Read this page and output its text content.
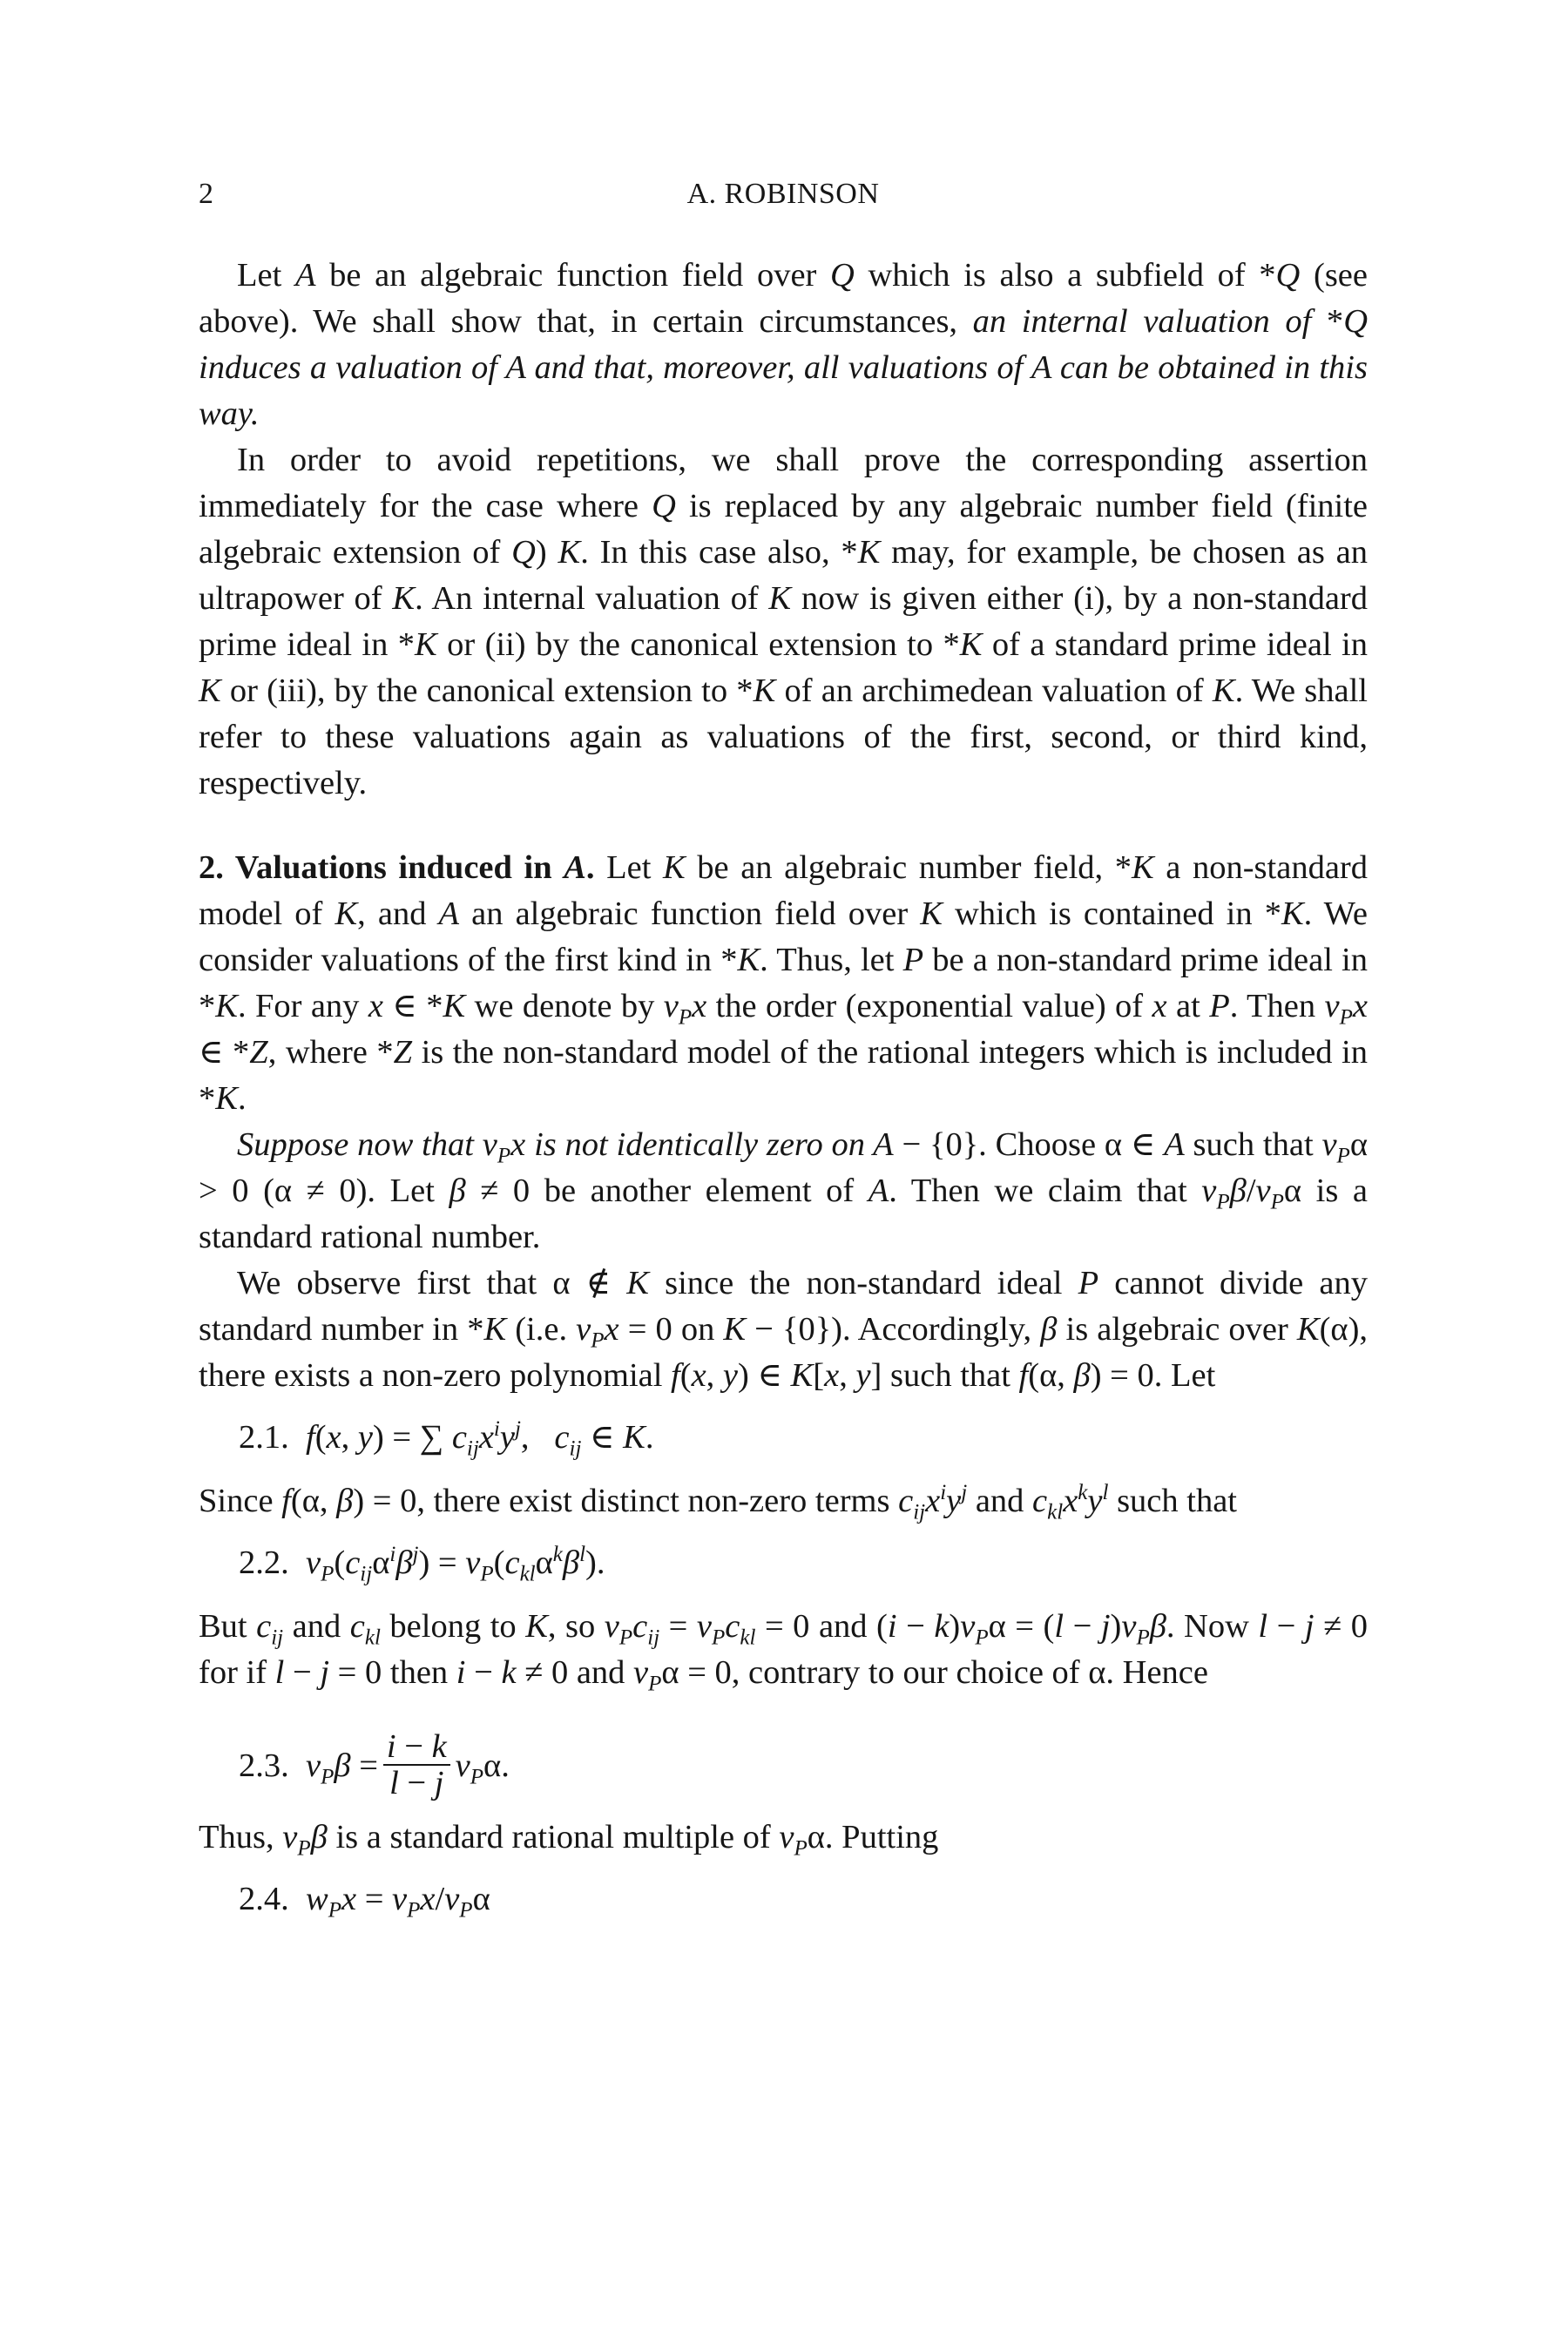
2	A. ROBINSON

Let A be an algebraic function field over Q which is also a subfield of *Q (see above). We shall show that, in certain circumstances, an internal valuation of *Q induces a valuation of A and that, moreover, all valuations of A can be obtained in this way.

In order to avoid repetitions, we shall prove the corresponding assertion immediately for the case where Q is replaced by any algebraic number field (finite algebraic extension of Q) K. In this case also, *K may, for example, be chosen as an ultrapower of K. An internal valuation of K now is given either (i), by a non-standard prime ideal in *K or (ii) by the canonical extension to *K of a standard prime ideal in K or (iii), by the canonical extension to *K of an archimedean valuation of K. We shall refer to these valuations again as valuations of the first, second, or third kind, respectively.

2. Valuations induced in A. Let K be an algebraic number field, *K a non-standard model of K, and A an algebraic function field over K which is contained in *K. We consider valuations of the first kind in *K. Thus, let P be a non-standard prime ideal in *K. For any x ∈ *K we denote by $v_Px$ the order (exponential value) of x at P. Then $v_Px$ ∈ *Z, where *Z is the non-standard model of the rational integers which is included in *K.

Suppose now that $v_Px$ is not identically zero on A − {0}. Choose α ∈ A such that $v_P\alpha > 0$ (α ≠ 0). Let β ≠ 0 be another element of A. Then we claim that $v_P\beta/v_P\alpha$ is a standard rational number.

We observe first that α ∉ K since the non-standard ideal P cannot divide any standard number in *K (i.e. $v_Px = 0$ on K − {0}). Accordingly, β is algebraic over K(α), there exists a non-zero polynomial f(x, y) ∈ K[x, y] such that f(α, β) = 0. Let

2.1.  f(x, y) = ∑ $c_{ij}x^iy^j$,   $c_{ij}$ ∈ K.

Since f(α, β) = 0, there exist distinct non-zero terms $c_{ij}x^iy^j$ and $c_{kl}x^ky^l$ such that

2.2.  $v_P(c_{ij}\alpha^i\beta^j) = v_P(c_{kl}\alpha^k\beta^l)$.

But $c_{ij}$ and $c_{kl}$ belong to K, so $v_Pc_{ij} = v_Pc_{kl} = 0$ and $(i - k)v_P\alpha = (l - j)v_P\beta$. Now l − j ≠ 0 for if l − j = 0 then i − k ≠ 0 and $v_P\alpha = 0$, contrary to our choice of α. Hence

2.3.  $v_P\beta = \frac{i - k}{l - j} v_P\alpha$.

Thus, $v_P\beta$ is a standard rational multiple of $v_P\alpha$. Putting

2.4.  $w_Px = v_Px/v_P\alpha$
